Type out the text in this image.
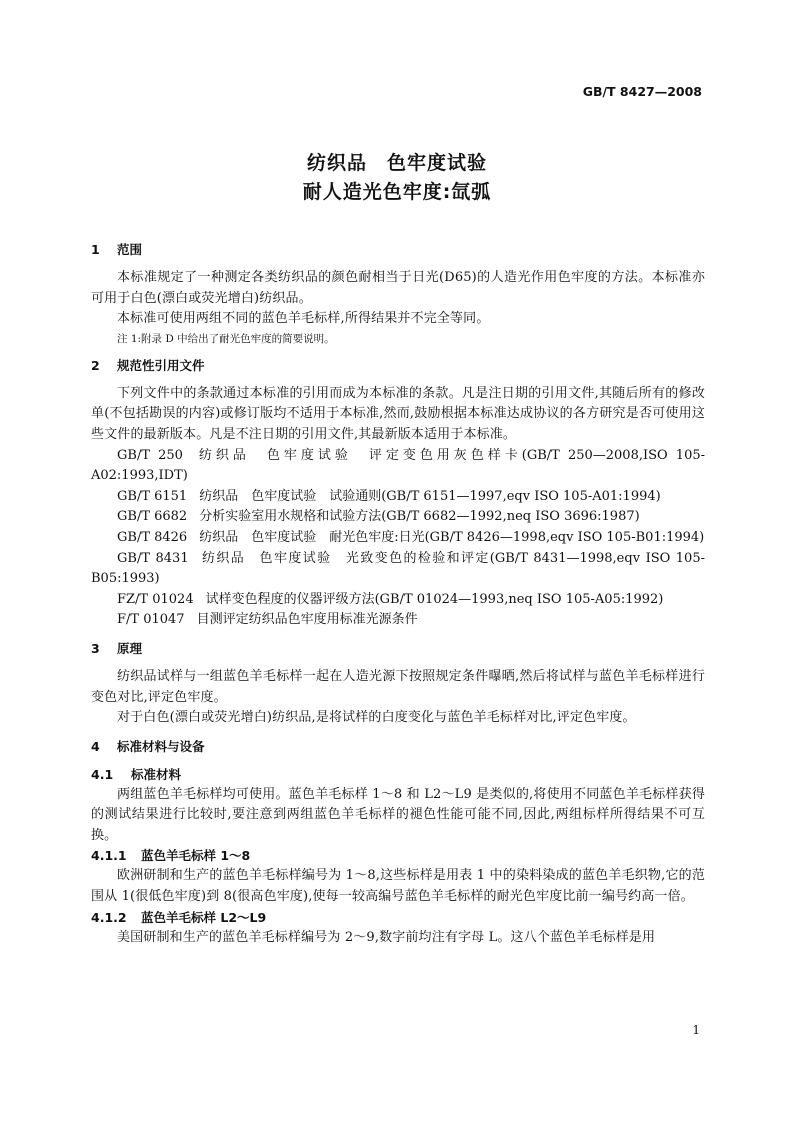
GB/T 8427—2008
纺织品　色牢度试验
耐人造光色牢度:氙弧
1 范围

本标准规定了一种测定各类纺织品的颜色耐相当于日光(D65)的人造光作用色牢度的方法。本标准亦可用于白色(漂白或荧光增白)纺织品。

本标准可使用两组不同的蓝色羊毛标样,所得结果并不完全等同。

注 1:附录 D 中给出了耐光色牢度的简要说明。

2 规范性引用文件

下列文件中的条款通过本标准的引用而成为本标准的条款。凡是注日期的引用文件,其随后所有的修改单(不包括勘误的内容)或修订版均不适用于本标准,然而,鼓励根据本标准达成协议的各方研究是否可使用这些文件的最新版本。凡是不注日期的引用文件,其最新版本适用于本标准。

GB/T 250 纺织品　色牢度试验　评定变色用灰色样卡(GB/T 250—2008,ISO 105-A02:1993,IDT)

GB/T 6151 纺织品　色牢度试验　试验通则(GB/T 6151—1997,eqv ISO 105-A01:1994)

GB/T 6682 分析实验室用水规格和试验方法(GB/T 6682—1992,neq ISO 3696:1987)

GB/T 8426 纺织品　色牢度试验　耐光色牢度:日光(GB/T 8426—1998,eqv ISO 105-B01:1994)

GB/T 8431 纺织品　色牢度试验　光致变色的检验和评定(GB/T 8431—1998,eqv ISO 105-B05:1993)

FZ/T 01024 试样变色程度的仪器评级方法(GB/T 01024—1993,neq ISO 105-A05:1992)

F/T 01047 目测评定纺织品色牢度用标准光源条件

3 原理

纺织品试样与一组蓝色羊毛标样一起在人造光源下按照规定条件曝晒,然后将试样与蓝色羊毛标样进行变色对比,评定色牢度。

对于白色(漂白或荧光增白)纺织品,是将试样的白度变化与蓝色羊毛标样对比,评定色牢度。

4 标准材料与设备
4.1 标准材料

两组蓝色羊毛标样均可使用。蓝色羊毛标样 1～8 和 L2～L9 是类似的,将使用不同蓝色羊毛标样获得的测试结果进行比较时,要注意到两组蓝色羊毛标样的褪色性能可能不同,因此,两组标样所得结果不可互换。

4.1.1 蓝色羊毛标样 1～8

欧洲研制和生产的蓝色羊毛标样编号为 1～8,这些标样是用表 1 中的染料染成的蓝色羊毛织物,它的范围从 1(很低色牢度)到 8(很高色牢度),使每一较高编号蓝色羊毛标样的耐光色牢度比前一编号约高一倍。

4.1.2 蓝色羊毛标样 L2～L9

美国研制和生产的蓝色羊毛标样编号为 2～9,数字前均注有字母 L。这八个蓝色羊毛标样是用

1
